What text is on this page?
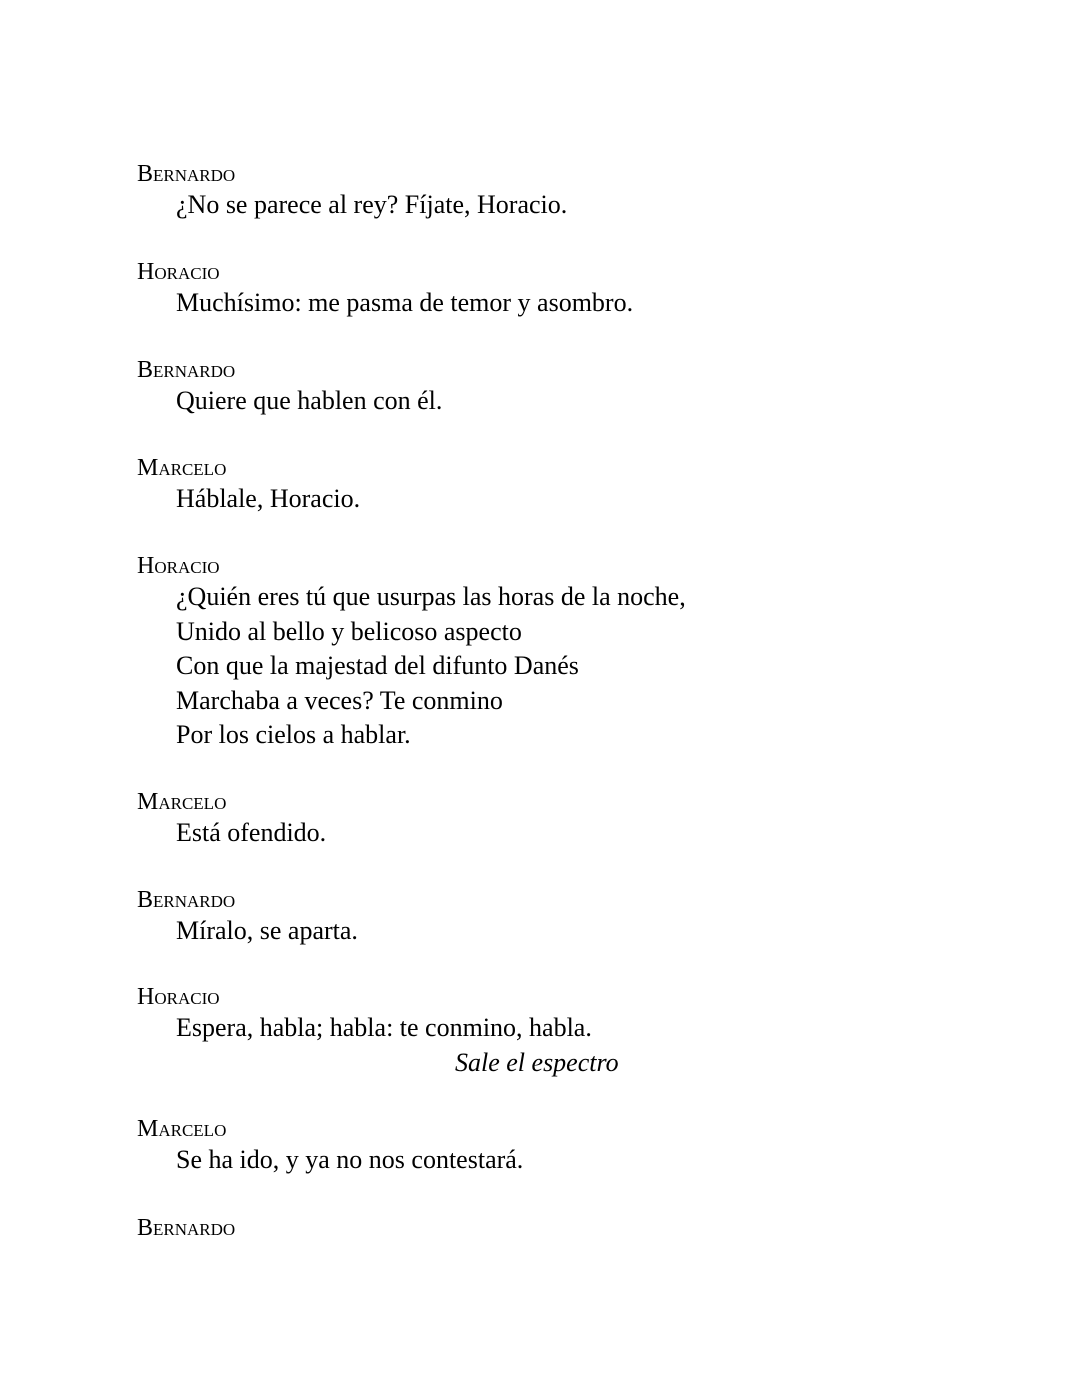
Bernardo
¿No se parece al rey? Fíjate, Horacio.
Horacio
Muchísimo: me pasma de temor y asombro.
Bernardo
Quiere que hablen con él.
Marcelo
Háblale, Horacio.
Horacio
¿Quién eres tú que usurpas las horas de la noche,
Unido al bello y belicoso aspecto
Con que la majestad del difunto Danés
Marchaba a veces? Te conmino
Por los cielos a hablar.
Marcelo
Está ofendido.
Bernardo
Míralo, se aparta.
Horacio
Espera, habla; habla: te conmino, habla.
Sale el espectro
Marcelo
Se ha ido, y ya no nos contestará.
Bernardo
